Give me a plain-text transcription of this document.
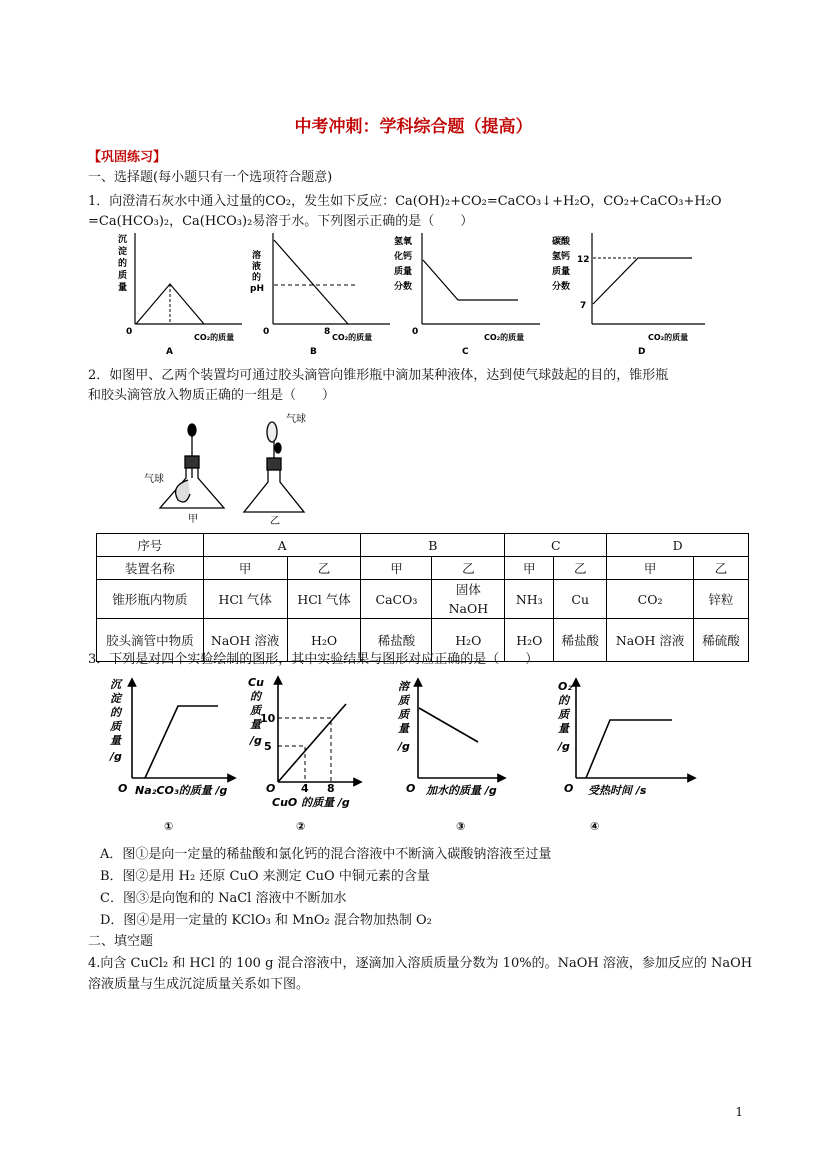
中考冲刺：学科综合题（提高）
【巩固练习】
一、选择题(每小题只有一个选项符合题意)
1．向澄清石灰水中通入过量的CO₂，发生如下反应：Ca(OH)₂+CO₂=CaCO₃↓+H₂O，CO₂+CaCO₃+H₂O
=Ca(HCO₃)₂，Ca(HCO₃)₂易溶于水。下列图示正确的是（　　）
沉
淀
的
质
量
0
CO₂的质量
A
溶
液
的
pH
0	8
CO₂的质量
B
氢氧
化钙
质量
分数
0
CO₂的质量
C
碳酸
氢钙
质量
分数
12
7
CO₂的质量
D
2．如图甲、乙两个装置均可通过胶头滴管向锥形瓶中滴加某种液体，达到使气球鼓起的目的，锥形瓶
和胶头滴管放入物质正确的一组是（　　）
气球
甲
气球
乙
序号	A		B		C		D	
装置名称	甲	乙	甲	乙	甲	乙	甲	乙
锥形瓶内物质	HCl 气体	HCl 气体	CaCO₃	固体 NaOH	NH₃	Cu	CO₂	锌粒
胶头滴管中物质	NaOH 溶液	H₂O	稀盐酸	H₂O	H₂O	稀盐酸	NaOH 溶液	稀硫酸
3．下列是对四个实验绘制的图形，其中实验结果与图形对应正确的是（　　）
沉
淀
的
质
量
/g
O Na₂CO₃的质量 /g
①
Cu
的
质
量
/g
10
5
O 4 8
CuO 的质量 /g
②
溶
质
质
量
/g
O 加水的质量 /g
③
O₂
的
质
量
/g
O 受热时间 /s
④
A．图①是向一定量的稀盐酸和氯化钙的混合溶液中不断滴入碳酸钠溶液至过量
B．图②是用 H₂ 还原 CuO 来测定 CuO 中铜元素的含量
C．图③是向饱和的 NaCl 溶液中不断加水
D．图④是用一定量的 KClO₃ 和 MnO₂ 混合物加热制 O₂
二、填空题
4.向含 CuCl₂ 和 HCl 的 100 g 混合溶液中，逐滴加入溶质质量分数为 10%的。NaOH 溶液，参加反应的 NaOH
溶液质量与生成沉淀质量关系如下图。
1
